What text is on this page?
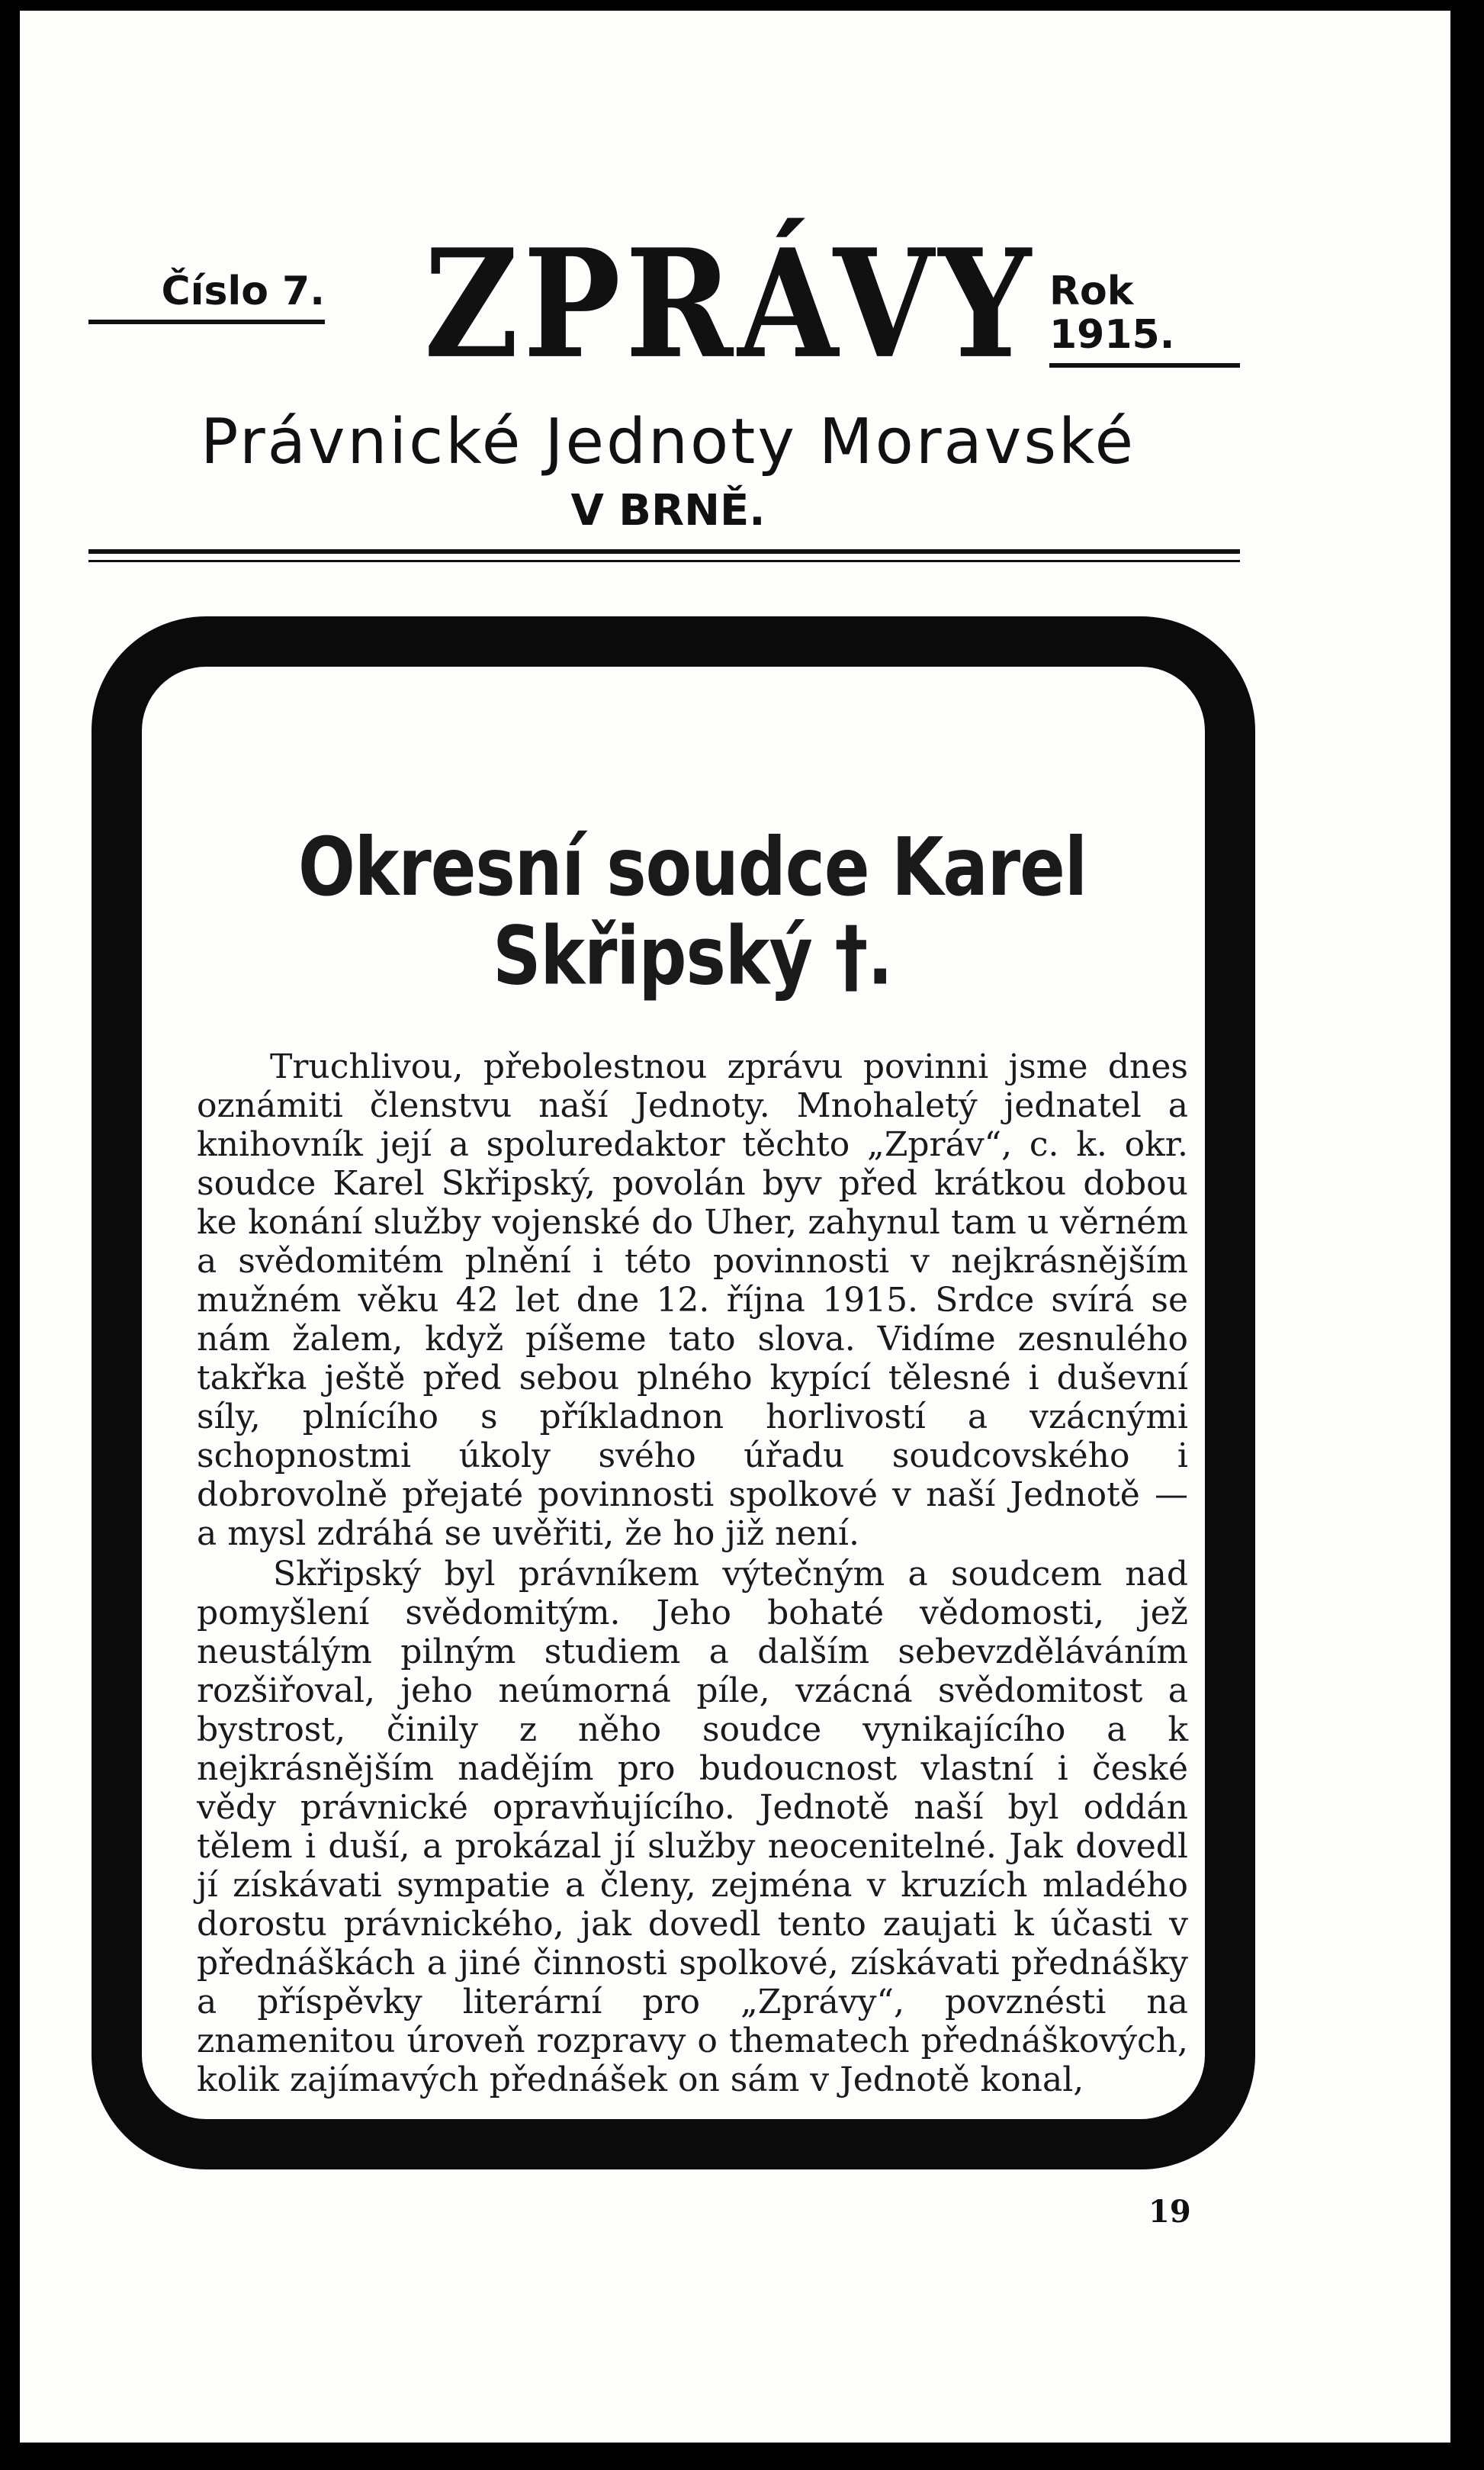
Číslo 7. ZPRÁVY Rok 1915.
Právnické Jednoty Moravské
V BRNĚ.
Okresní soudce Karel Skřipský †.

Truchlivou, přebolestnou zprávu povinni jsme dnes oznámiti členstvu naší Jednoty. Mnohaletý jednatel a knihovník její a spoluredaktor těchto „Zpráv“, c. k. okr. soudce Karel Skřipský, povolán byv před krátkou dobou ke konání služby vojenské do Uher, zahynul tam u věrném a svědomitém plnění i této povinnosti v nejkrásnějším mužném věku 42 let dne 12. října 1915. Srdce svírá se nám žalem, když píšeme tato slova. Vidíme zesnulého takřka ještě před sebou plného kypící tělesné i duševní síly, plnícího s příkladnon horlivostí a vzácnými schopnostmi úkoly svého úřadu soudcovského i dobrovolně přejaté povinnosti spolkové v naší Jednotě — a mysl zdráhá se uvěřiti, že ho již není.

Skřipský byl právníkem výtečným a soudcem nad pomyšlení svědomitým. Jeho bohaté vědomosti, jež neustálým pilným studiem a dalším sebevzděláváním rozšiřoval, jeho neúmorná píle, vzácná svědomitost a bystrost, činily z něho soudce vynikajícího a k nejkrásnějším nadějím pro budoucnost vlastní i české vědy právnické opravňujícího. Jednotě naší byl oddán tělem i duší, a prokázal jí služby neocenitelné. Jak dovedl jí získávati sympatie a členy, zejména v kruzích mladého dorostu právnického, jak dovedl tento zaujati k účasti v přednáškách a jiné činnosti spolkové, získávati přednášky a příspěvky literární pro „Zprávy“, povznésti na znamenitou úroveň rozpravy o thematech přednáškových, kolik zajímavých přednášek on sám v Jednotě konal,

19
